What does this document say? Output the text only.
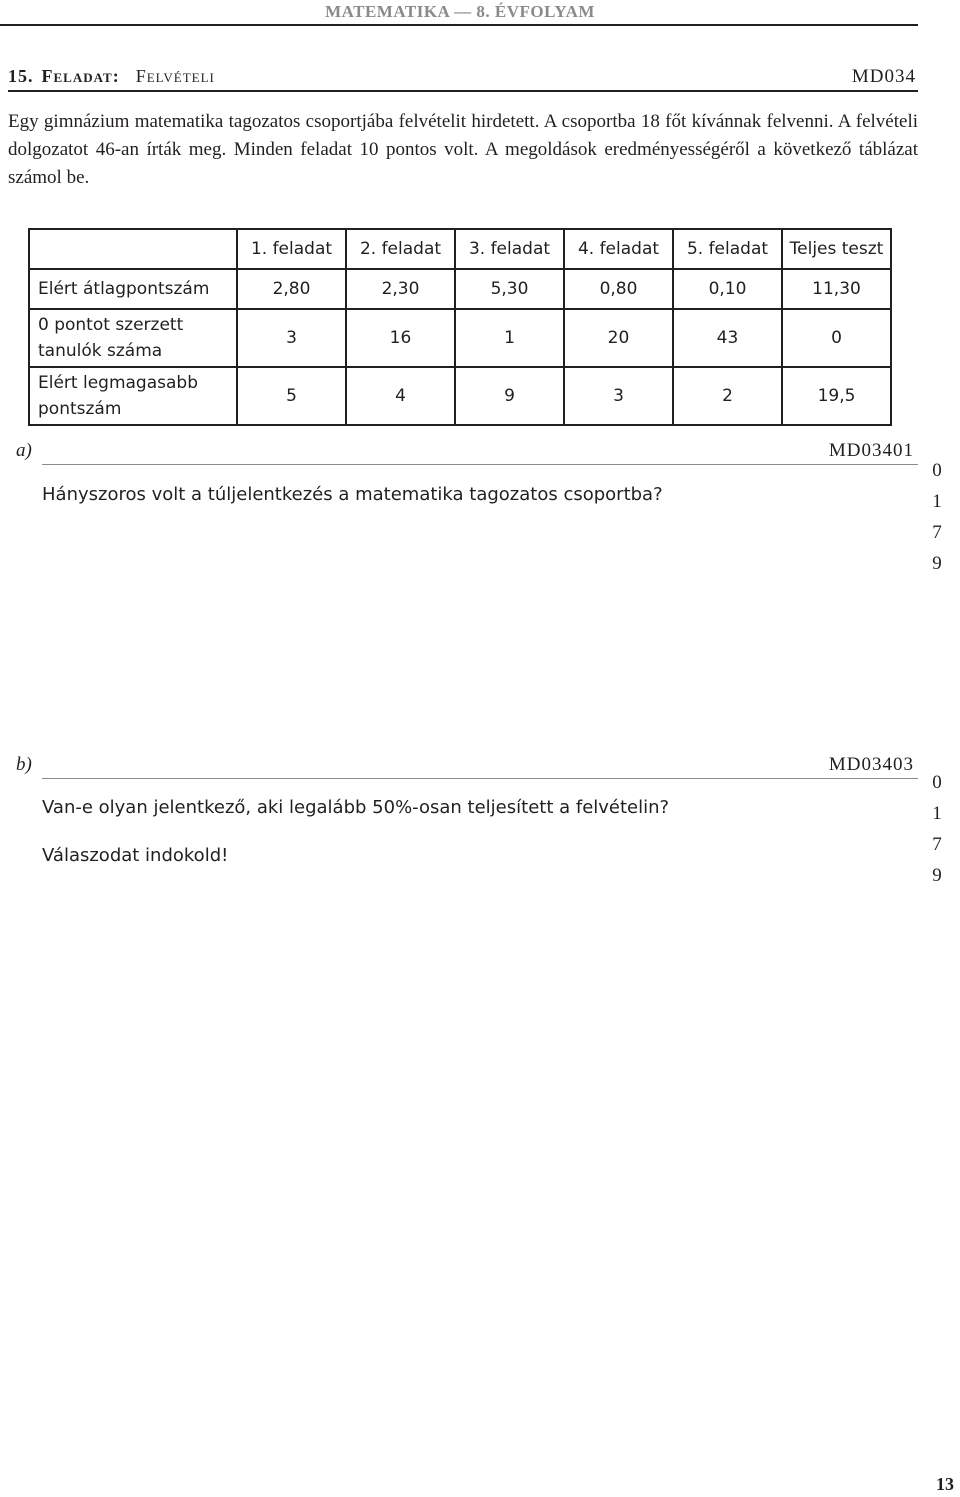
MATEMATIKA — 8. ÉVFOLYAM
15. Feladat: Felvételi	MD034
Egy gimnázium matematika tagozatos csoportjába felvételit hirdetett. A csoportba 18 főt kívánnak felvenni. A felvételi dolgozatot 46-an írták meg. Minden feladat 10 pontos volt. A megoldások eredményességéről a következő táblázat számol be.
	1. feladat	2. feladat	3. feladat	4. feladat	5. feladat	Teljes teszt
Elért átlagpontszám	2,80	2,30	5,30	0,80	0,10	11,30
0 pontot szerzett
tanulók száma	3	16	1	20	43	0
Elért legmagasabb
pontszám	5	4	9	3	2	19,5
a)	MD03401
Hányszoros volt a túljelentkezés a matematika tagozatos csoportba?
0
1
7
9
b)	MD03403
Van-e olyan jelentkező, aki legalább 50%-osan teljesített a felvételin?
Válaszodat indokold!
0
1
7
9
13
